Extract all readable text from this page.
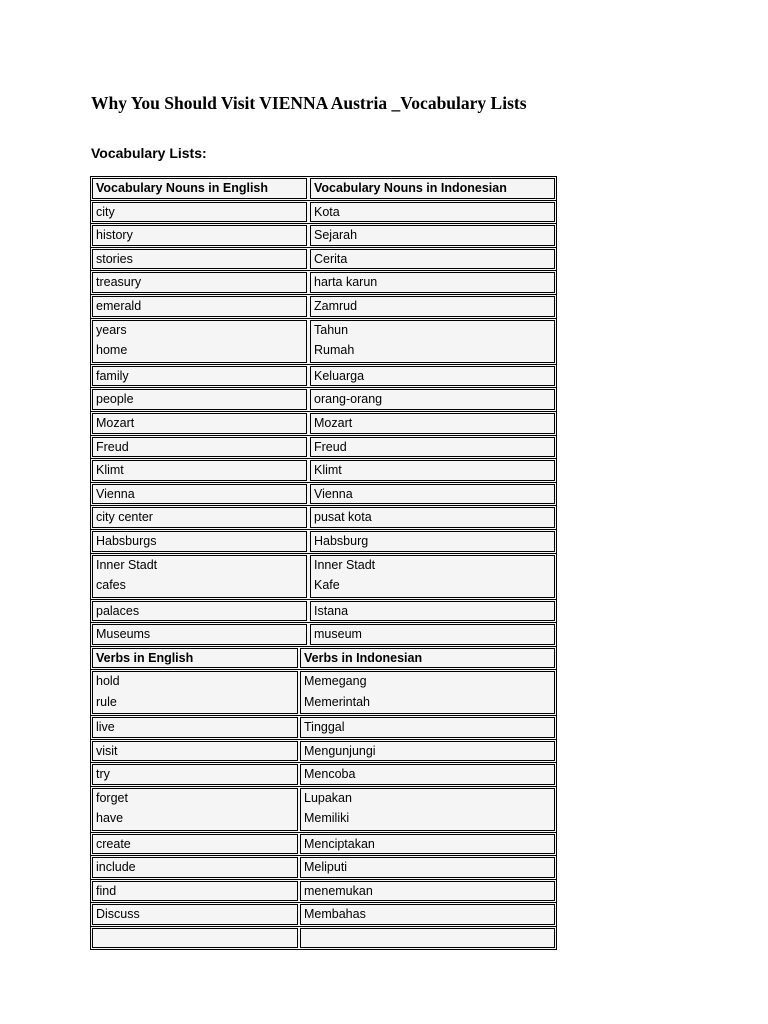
Why You Should Visit VIENNA Austria _Vocabulary Lists
Vocabulary Lists:
Vocabulary Nouns in English	Vocabulary Nouns in Indonesian
city	Kota
history	Sejarah
stories	Cerita
treasury	harta karun
emerald	Zamrud
years	Tahun
home	Rumah
family	Keluarga
people	orang-orang
Mozart	Mozart
Freud	Freud
Klimt	Klimt
Vienna	Vienna
city center	pusat kota
Habsburgs	Habsburg
Inner Stadt	Inner Stadt
cafes	Kafe
palaces	Istana
Museums	museum
Verbs in English	Verbs in Indonesian
hold	Memegang
rule	Memerintah
live	Tinggal
visit	Mengunjungi
try	Mencoba
forget	Lupakan
have	Memiliki
create	Menciptakan
include	Meliputi
find	menemukan
Discuss	Membahas
